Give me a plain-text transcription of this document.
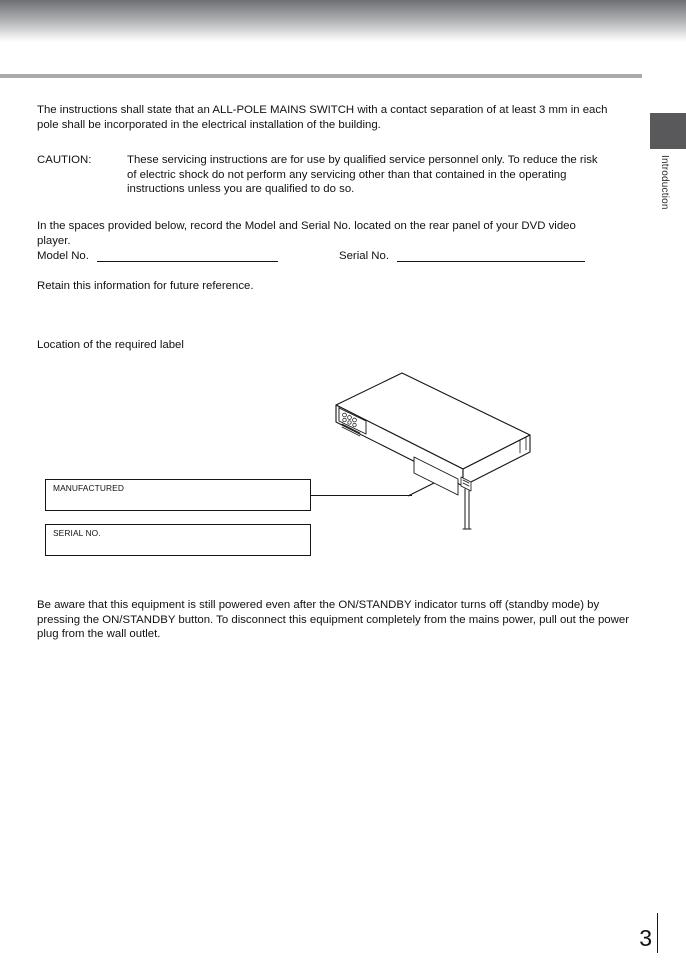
Introduction

The instructions shall state that an ALL-POLE MAINS SWITCH with a contact separation of at least 3 mm in each pole shall be incorporated in the electrical installation of the building.

CAUTION:	These servicing instructions are for use by qualified service personnel only. To reduce the risk of electric shock do not perform any servicing other than that contained in the operating instructions unless you are qualified to do so.

In the spaces provided below, record the Model and Serial No. located on the rear panel of your DVD video player.

Model No.	Serial No.

Retain this information for future reference.

Location of the required label

MANUFACTURED
SERIAL NO.

Be aware that this equipment is still powered even after the ON/STANDBY indicator turns off (standby mode) by pressing the ON/STANDBY button. To disconnect this equipment completely from the mains power, pull out the power plug from the wall outlet.

3
